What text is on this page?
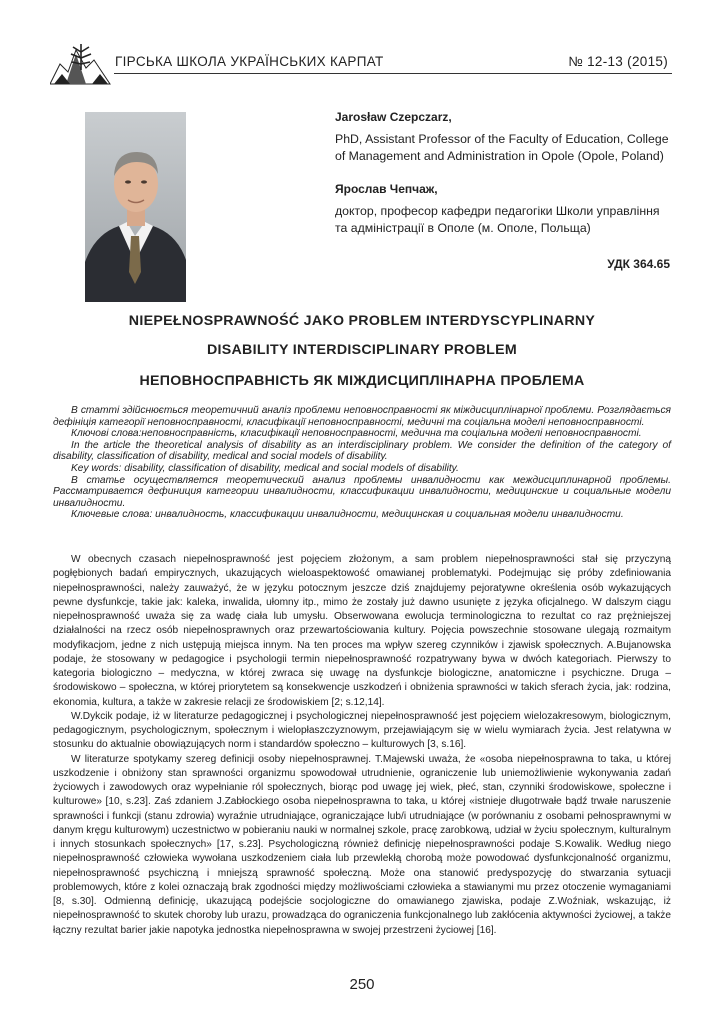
ГІРСЬКА ШКОЛА УКРАЇНСЬКИХ КАРПАТ	№ 12-13 (2015)

Jarosław Czepczarz,

PhD, Assistant Professor of the Faculty of Education, College of Management and Administration in Opole (Opole, Poland)

Ярослав Чепчаж,

доктор, професор кафедри педагогіки Школи управління та адміністрації в Ополе (м. Ополе, Польща)

УДК 364.65
NIEPEŁNOSPRAWNOŚĆ JAKO PROBLEM INTERDYSCYPLINARNY
DISABILITY INTERDISCIPLINARY PROBLEM
НЕПОВНОСПРАВНІСТЬ ЯК МІЖДИСЦИПЛІНАРНА ПРОБЛЕМА

В статті здійснюється теоретичний аналіз проблеми неповносправності як міждисциплінарної проблеми. Розглядається дефініція категорії неповносправності, класифікації неповносправності, медичні та соціальна моделі неповносправності.

Ключові слова:неповносправність, класифікації неповносправності, медична та соціальна моделі неповносправності.

In the article the theoretical analysis of disability as an interdisciplinary problem. We consider the definition of the category of disability, classification of disability, medical and social models of disability.

Key words: disability, classification of disability, medical and social models of disability.

В статье осуществляется теоретический анализ проблемы инвалидности как междисциплинарной проблемы. Рассматривается дефиниция категории инвалидности, классификации инвалидности, медицинские и социальные модели инвалидности.

Ключевые слова: инвалидность, классификации инвалидности, медицинская и социальная модели инвалидности.

W obecnych czasach niepełnosprawność jest pojęciem złożonym, a sam problem niepełnosprawności stał się przyczyną pogłębionych badań empirycznych, ukazujących wieloaspektowość omawianej problematyki. Podejmując się próby zdefiniowania niepełnosprawności, należy zauważyć, że w języku potocznym jeszcze dziś znajdujemy pejoratywne określenia osób wykazujących pewne dysfunkcje, takie jak: kaleka, inwalida, ułomny itp., mimo że zostały już dawno usunięte z języka oficjalnego. W dalszym ciągu niepełnosprawność uważa się za wadę ciała lub umysłu. Obserwowana ewolucja terminologiczna to rezultat co raz prężniejszej działalności na rzecz osób niepełnosprawnych oraz przewartościowania kultury. Pojęcia powszechnie stosowane ulegają rozmaitym modyfikacjom, jedne z nich ustępują miejsca innym. Na ten proces ma wpływ szereg czynników i zjawisk społecznych. A.Bujanowska podaje, że stosowany w pedagogice i psychologii termin niepełnosprawność rozpatrywany bywa w dwóch kategoriach. Pierwszy to kategoria biologiczno – medyczna, w której zwraca się uwagę na dysfunkcje biologiczne, anatomiczne i psychiczne. Druga – środowiskowo – społeczna, w której priorytetem są konsekwencje uszkodzeń i obniżenia sprawności w takich sferach życia, jak: rodzina, ekonomia, kultura, a także w zakresie relacji ze środowiskiem [2; s.12,14].

W.Dykcik podaje, iż w literaturze pedagogicznej i psychologicznej niepełnosprawność jest pojęciem wielozakresowym, biologicznym, pedagogicznym, psychologicznym, społecznym i wielopłaszczyznowym, przejawiającym się w wielu wymiarach życia. Jest relatywna w stosunku do aktualnie obowiązujących norm i standardów społeczno – kulturowych [3, s.16].

W literaturze spotykamy szereg definicji osoby niepełnosprawnej. T.Majewski uważa, że «osoba niepełnosprawna to taka, u której uszkodzenie i obniżony stan sprawności organizmu spowodował utrudnienie, ograniczenie lub uniemożliwienie wykonywania zadań życiowych i zawodowych oraz wypełnianie ról społecznych, biorąc pod uwagę jej wiek, płeć, stan, czynniki środowiskowe, społeczne i kulturowe» [10, s.23]. Zaś zdaniem J.Zabłockiego osoba niepełnosprawna to taka, u której «istnieje długotrwałe bądź trwałe naruszenie sprawności i funkcji (stanu zdrowia) wyraźnie utrudniające, ograniczające lub/i utrudniające (w porównaniu z osobami pełnosprawnymi w danym kręgu kulturowym) uczestnictwo w pobieraniu nauki w normalnej szkole, pracę zarobkową, udział w życiu społecznym, kulturalnym i innych stosunkach społecznych» [17, s.23]. Psychologiczną również definicję niepełnosprawności podaje S.Kowalik. Według niego niepełnosprawność człowieka wywołana uszkodzeniem ciała lub przewlekłą chorobą może powodować dysfunkcjonalność organizmu, niepełnosprawność psychiczną i mniejszą sprawność społeczną. Może ona stanowić predyspozycję do stwarzania sytuacji problemowych, które z kolei oznaczają brak zgodności między możliwościami człowieka a stawianymi mu przez otoczenie wymaganiami [8, s.30]. Odmienną definicję, ukazującą podejście socjologiczne do omawianego zjawiska, podaje Z.Woźniak, wskazując, iż niepełnosprawność to skutek choroby lub urazu, prowadząca do ograniczenia funkcjonalnego lub zakłócenia aktywności życiowej, a także łączny rezultat barier jakie napotyka jednostka niepełnosprawna w swojej przestrzeni życiowej [16].

250
